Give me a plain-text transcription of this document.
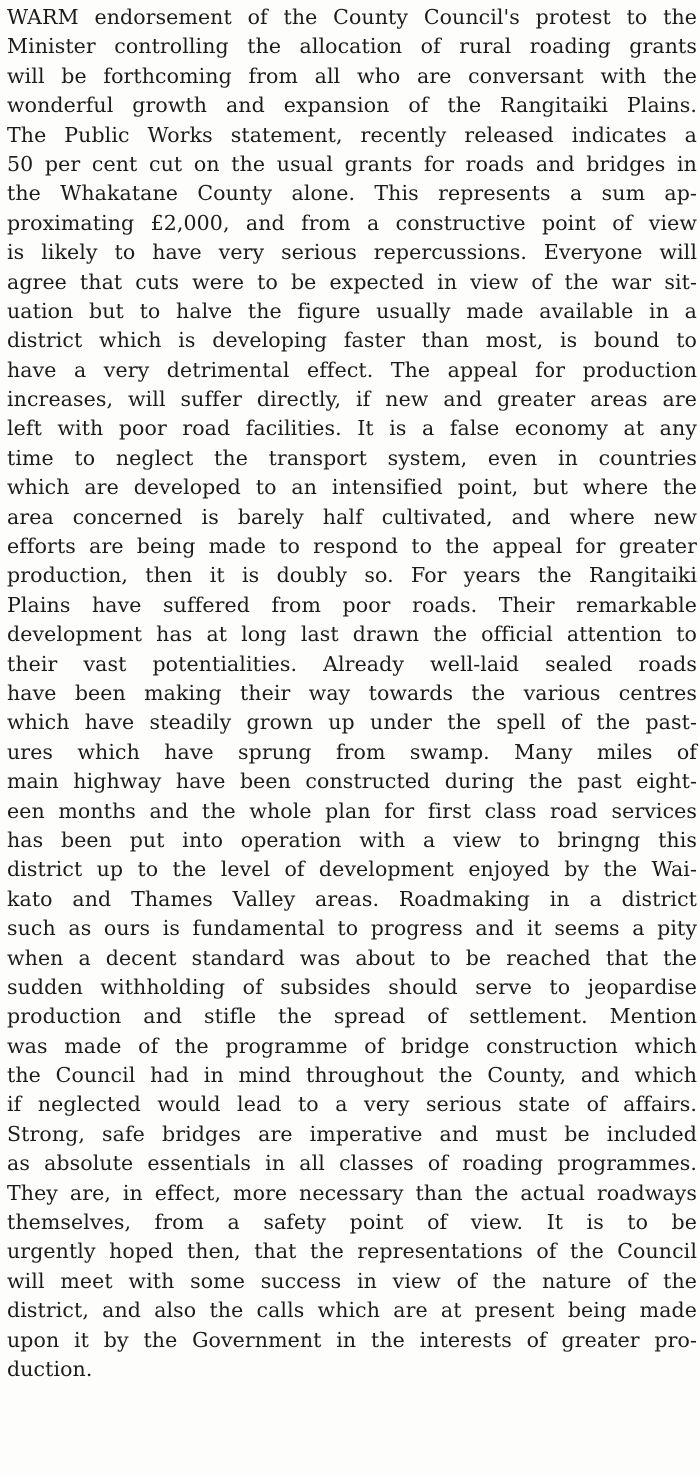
WARM endorsement of the County Council's protest to the
Minister controlling the allocation of rural roading grants
will be forthcoming from all who are conversant with the
wonderful growth and expansion of the Rangitaiki Plains.
The Public Works statement, recently released indicates a
50 per cent cut on the usual grants for roads and bridges in
the Whakatane County alone. This represents a sum ap-
proximating £2,000, and from a constructive point of view
is likely to have very serious repercussions. Everyone will
agree that cuts were to be expected in view of the war sit-
uation but to halve the figure usually made available in a
district which is developing faster than most, is bound to
have a very detrimental effect. The appeal for production
increases, will suffer directly, if new and greater areas are
left with poor road facilities. It is a false economy at any
time to neglect the transport system, even in countries
which are developed to an intensified point, but where the
area concerned is barely half cultivated, and where new
efforts are being made to respond to the appeal for greater
production, then it is doubly so. For years the Rangitaiki
Plains have suffered from poor roads. Their remarkable
development has at long last drawn the official attention to
their vast potentialities. Already well-laid sealed roads
have been making their way towards the various centres
which have steadily grown up under the spell of the past-
ures which have sprung from swamp. Many miles of
main highway have been constructed during the past eight-
een months and the whole plan for first class road services
has been put into operation with a view to bringng this
district up to the level of development enjoyed by the Wai-
kato and Thames Valley areas. Roadmaking in a district
such as ours is fundamental to progress and it seems a pity
when a decent standard was about to be reached that the
sudden withholding of subsides should serve to jeopardise
production and stifle the spread of settlement. Mention
was made of the programme of bridge construction which
the Council had in mind throughout the County, and which
if neglected would lead to a very serious state of affairs.
Strong, safe bridges are imperative and must be included
as absolute essentials in all classes of roading programmes.
They are, in effect, more necessary than the actual roadways
themselves, from a safety point of view. It is to be
urgently hoped then, that the representations of the Council
will meet with some success in view of the nature of the
district, and also the calls which are at present being made
upon it by the Government in the interests of greater pro-
duction.
